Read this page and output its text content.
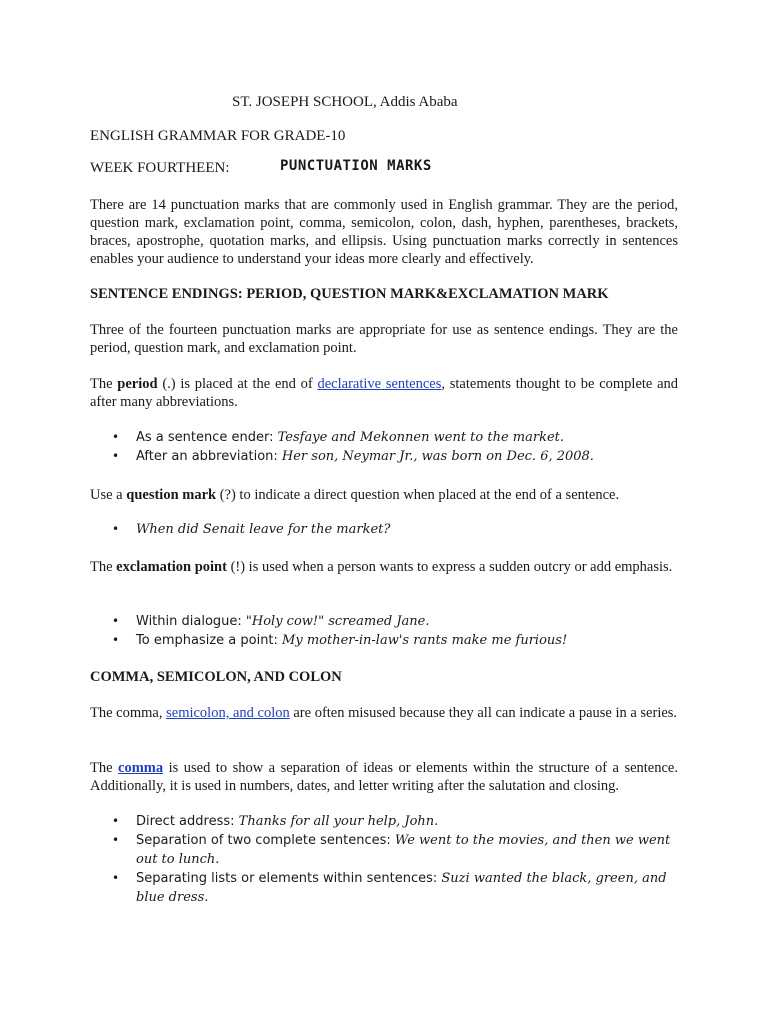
ST. JOSEPH SCHOOL, Addis Ababa
ENGLISH GRAMMAR FOR GRADE-10
WEEK FOURTHEEN:	PUNCTUATION MARKS
There are 14 punctuation marks that are commonly used in English grammar. They are the period, question mark, exclamation point, comma, semicolon, colon, dash, hyphen, parentheses, brackets, braces, apostrophe, quotation marks, and ellipsis. Using punctuation marks correctly in sentences enables your audience to understand your ideas more clearly and effectively.
SENTENCE ENDINGS: PERIOD, QUESTION MARK&EXCLAMATION MARK
Three of the fourteen punctuation marks are appropriate for use as sentence endings. They are the period, question mark, and exclamation point.
The period (.) is placed at the end of declarative sentences, statements thought to be complete and after many abbreviations.
• As a sentence ender: Tesfaye and Mekonnen went to the market.
• After an abbreviation: Her son, Neymar Jr., was born on Dec. 6, 2008.
Use a question mark (?) to indicate a direct question when placed at the end of a sentence.
• When did Senait leave for the market?
The exclamation point (!) is used when a person wants to express a sudden outcry or add emphasis.
• Within dialogue: "Holy cow!" screamed Jane.
• To emphasize a point: My mother-in-law's rants make me furious!
COMMA, SEMICOLON, AND COLON
The comma, semicolon, and colon are often misused because they all can indicate a pause in a series.
The comma is used to show a separation of ideas or elements within the structure of a sentence. Additionally, it is used in numbers, dates, and letter writing after the salutation and closing.
• Direct address: Thanks for all your help, John.
• Separation of two complete sentences: We went to the movies, and then we went out to lunch.
• Separating lists or elements within sentences: Suzi wanted the black, green, and blue dress.
